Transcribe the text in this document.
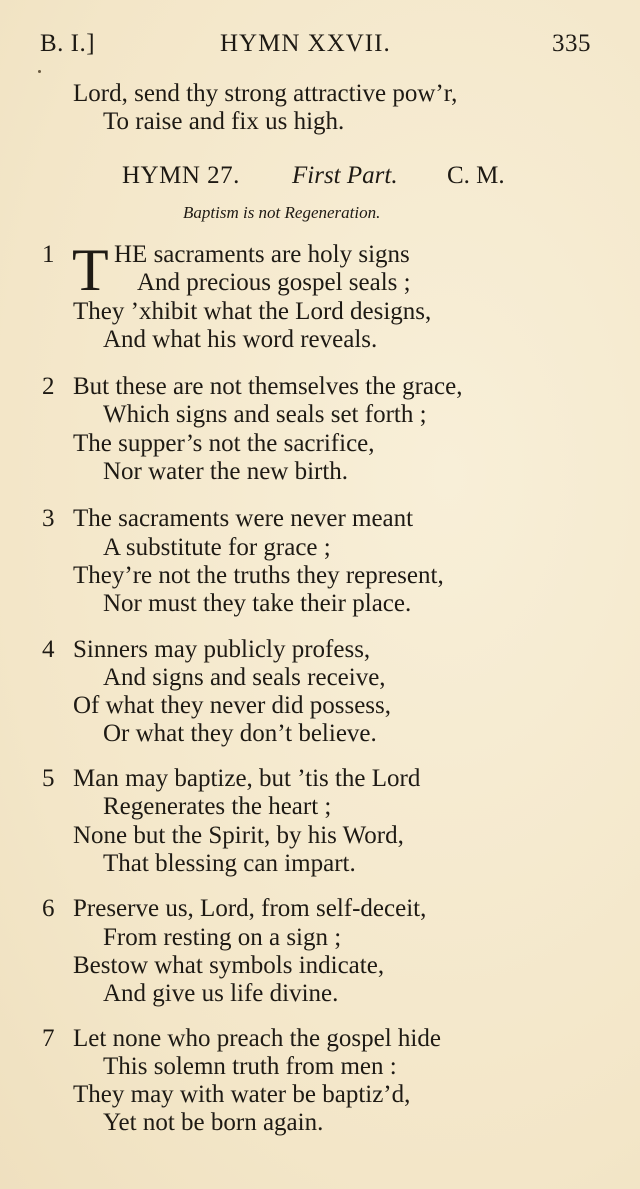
B. I.]	HYMN XXVII.	335
Lord, send thy strong attractive pow’r,
To raise and fix us high.
HYMN 27. First Part. C. M.
Baptism is not Regeneration.
1 T HE sacraments are holy signs
And precious gospel seals ;
They ’xhibit what the Lord designs,
And what his word reveals.
2 But these are not themselves the grace,
Which signs and seals set forth ;
The supper’s not the sacrifice,
Nor water the new birth.
3 The sacraments were never meant
A substitute for grace ;
They’re not the truths they represent,
Nor must they take their place.
4 Sinners may publicly profess,
And signs and seals receive,
Of what they never did possess,
Or what they don’t believe.
5 Man may baptize, but ’tis the Lord
Regenerates the heart ;
None but the Spirit, by his Word,
That blessing can impart.
6 Preserve us, Lord, from self-deceit,
From resting on a sign ;
Bestow what symbols indicate,
And give us life divine.
7 Let none who preach the gospel hide
This solemn truth from men :
They may with water be baptiz’d,
Yet not be born again.
